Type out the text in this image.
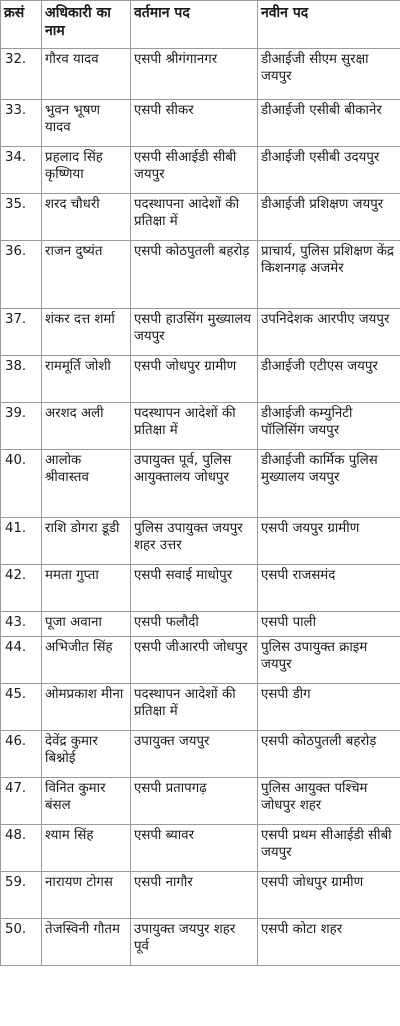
क्रसं	अधिकारी का नाम	वर्तमान पद	नवीन पद
32.	गौरव यादव	एसपी श्रीगंगानगर	डीआईजी सीएम सुरक्षा जयपुर
33.	भुवन भूषण यादव	एसपी सीकर	डीआईजी एसीबी बीकानेर
34.	प्रहलाद सिंह कृष्णिया	एसपी सीआईडी सीबी जयपुर	डीआईजी एसीबी उदयपुर
35.	शरद चौधरी	पदस्थापना आदेशों की प्रतिक्षा में	डीआईजी प्रशिक्षण जयपुर
36.	राजन दुष्यंत	एसपी कोठपुतली बहरोड़	प्राचार्य, पुलिस प्रशिक्षण केंद्र किशनगढ़ अजमेर
37.	शंकर दत्त शर्मा	एसपी हाउसिंग मुख्यालय जयपुर	उपनिदेशक आरपीए जयपुर
38.	राममूर्ति जोशी	एसपी जोधपुर ग्रामीण	डीआईजी एटीएस जयपुर
39.	अरशद अली	पदस्थापन आदेशों की प्रतिक्षा में	डीआईजी कम्युनिटी पॉलिसिंग जयपुर
40.	आलोक श्रीवास्तव	उपायुक्त पूर्व, पुलिस आयुक्तालय जोधपुर	डीआईजी कार्मिक पुलिस मुख्यालय जयपुर
41.	राशि डोगरा डूडी	पुलिस उपायुक्त जयपुर शहर उत्तर	एसपी जयपुर ग्रामीण
42.	ममता गुप्ता	एसपी सवाई माधोपुर	एसपी राजसमंद
43.	पूजा अवाना	एसपी फलौदी	एसपी पाली
44.	अभिजीत सिंह	एसपी जीआरपी जोधपुर	पुलिस उपायुक्त क्राइम जयपुर
45.	ओमप्रकाश मीना	पदस्थापन आदेशों की प्रतिक्षा में	एसपी डीग
46.	देवेंद्र कुमार बिश्नोई	उपायुक्त जयपुर	एसपी कोठपुतली बहरोड़
47.	विनित कुमार बंसल	एसपी प्रतापगढ़	पुलिस आयुक्त पश्चिम जोधपुर शहर
48.	श्याम सिंह	एसपी ब्यावर	एसपी प्रथम सीआईडी सीबी जयपुर
59.	नारायण टोगस	एसपी नागौर	एसपी जोधपुर ग्रामीण
50.	तेजस्विनी गौतम	उपायुक्त जयपुर शहर पूर्व	एसपी कोटा शहर
